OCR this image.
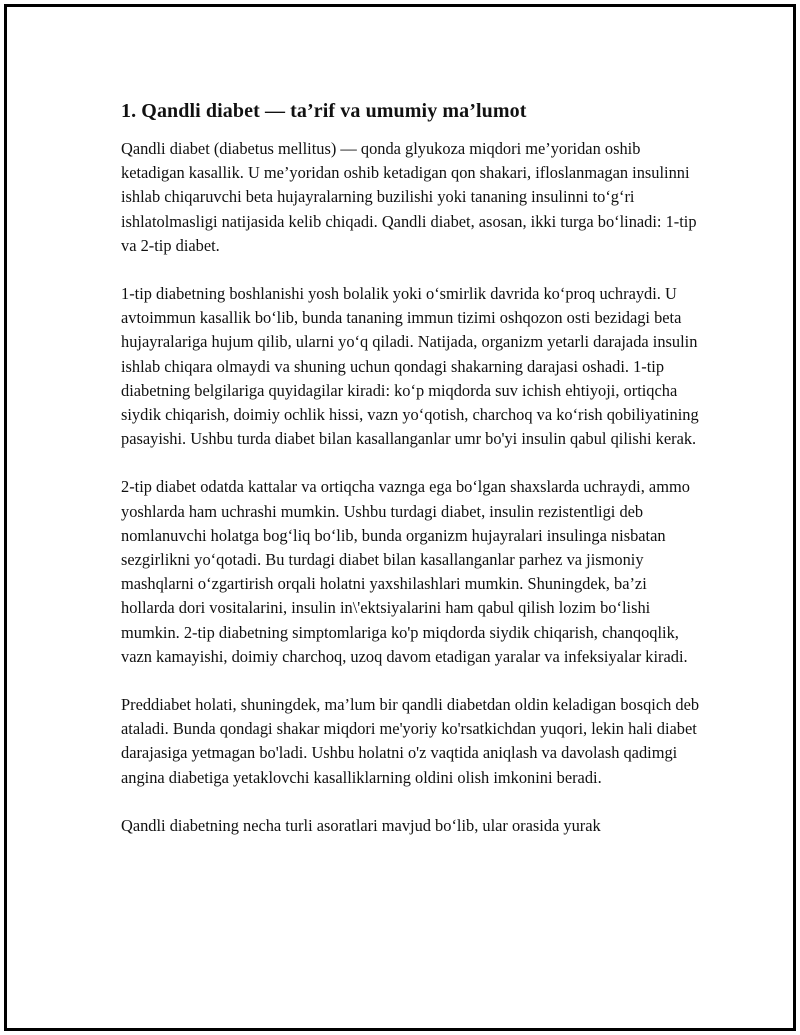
1. Qandli diabet — ta’rif va umumiy ma’lumot

Qandli diabet (diabetus mellitus) — qonda glyukoza miqdori me’yoridan oshib ketadigan kasallik. U me’yoridan oshib ketadigan qon shakari, ifloslanmagan insulinni ishlab chiqaruvchi beta hujayralarning buzilishi yoki tananing insulinni to‘g‘ri ishlatolmasligi natijasida kelib chiqadi. Qandli diabet, asosan, ikki turga bo‘linadi: 1-tip va 2-tip diabet.

1-tip diabetning boshlanishi yosh bolalik yoki o‘smirlik davrida ko‘proq uchraydi. U avtoimmun kasallik bo‘lib, bunda tananing immun tizimi oshqozon osti bezidagi beta hujayralariga hujum qilib, ularni yo‘q qiladi. Natijada, organizm yetarli darajada insulin ishlab chiqara olmaydi va shuning uchun qondagi shakarning darajasi oshadi. 1-tip diabetning belgilariga quyidagilar kiradi: ko‘p miqdorda suv ichish ehtiyoji, ortiqcha siydik chiqarish, doimiy ochlik hissi, vazn yo‘qotish, charchoq va ko‘rish qobiliyatining pasayishi. Ushbu turda diabet bilan kasallanganlar umr bo'yi insulin qabul qilishi kerak.

2-tip diabet odatda kattalar va ortiqcha vaznga ega bo‘lgan shaxslarda uchraydi, ammo yoshlarda ham uchrashi mumkin. Ushbu turdagi diabet, insulin rezistentligi deb nomlanuvchi holatga bog‘liq bo‘lib, bunda organizm hujayralari insulinga nisbatan sezgirlikni yo‘qotadi. Bu turdagi diabet bilan kasallanganlar parhez va jismoniy mashqlarni o‘zgartirish orqali holatni yaxshilashlari mumkin. Shuningdek, ba’zi hollarda dori vositalarini, insulin in\'ektsiyalarini ham qabul qilish lozim bo‘lishi mumkin. 2-tip diabetning simptomlariga ko'p miqdorda siydik chiqarish, chanqoqlik, vazn kamayishi, doimiy charchoq, uzoq davom etadigan yaralar va infeksiyalar kiradi.

Preddiabet holati, shuningdek, ma’lum bir qandli diabetdan oldin keladigan bosqich deb ataladi. Bunda qondagi shakar miqdori me'yoriy ko'rsatkichdan yuqori, lekin hali diabet darajasiga yetmagan bo'ladi. Ushbu holatni o'z vaqtida aniqlash va davolash qadimgi angina diabetiga yetaklovchi kasalliklarning oldini olish imkonini beradi.

Qandli diabetning necha turli asoratlari mavjud bo‘lib, ular orasida yurak
